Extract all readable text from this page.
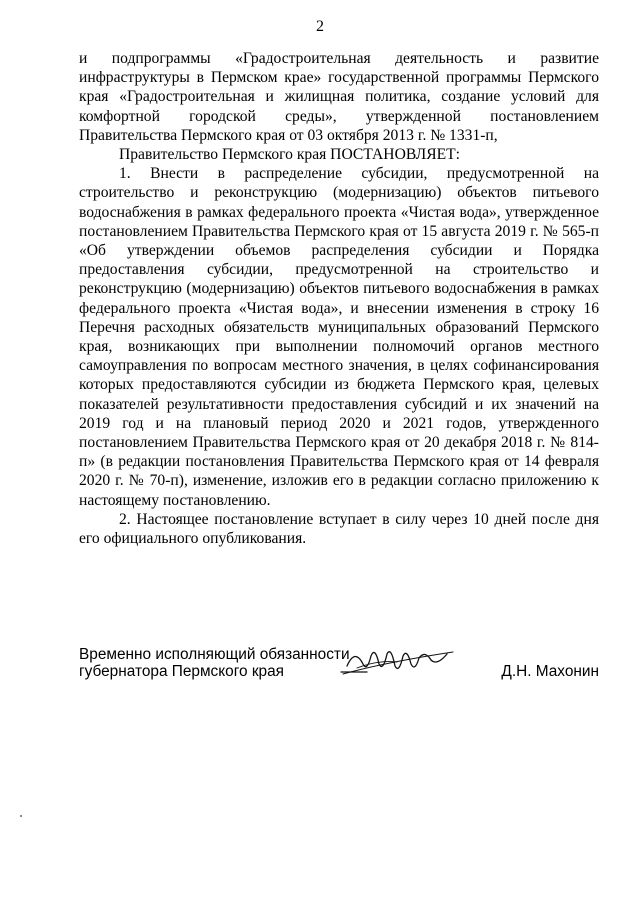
2

и подпрограммы «Градостроительная деятельность и развитие инфраструктуры в Пермском крае» государственной программы Пермского края «Градостроительная и жилищная политика, создание условий для комфортной городской среды», утвержденной постановлением Правительства Пермского края от 03 октября 2013 г. № 1331-п,

Правительство Пермского края ПОСТАНОВЛЯЕТ:

1. Внести в распределение субсидии, предусмотренной на строительство и реконструкцию (модернизацию) объектов питьевого водоснабжения в рамках федерального проекта «Чистая вода», утвержденное постановлением Правительства Пермского края от 15 августа 2019 г. № 565-п «Об утверждении объемов распределения субсидии и Порядка предоставления субсидии, предусмотренной на строительство и реконструкцию (модернизацию) объектов питьевого водоснабжения в рамках федерального проекта «Чистая вода», и внесении изменения в строку 16 Перечня расходных обязательств муниципальных образований Пермского края, возникающих при выполнении полномочий органов местного самоуправления по вопросам местного значения, в целях софинансирования которых предоставляются субсидии из бюджета Пермского края, целевых показателей результативности предоставления субсидий и их значений на 2019 год и на плановый период 2020 и 2021 годов, утвержденного постановлением Правительства Пермского края от 20 декабря 2018 г. № 814-п» (в редакции постановления Правительства Пермского края от 14 февраля 2020 г. № 70-п), изменение, изложив его в редакции согласно приложению к настоящему постановлению.

2. Настоящее постановление вступает в силу через 10 дней после дня его официального опубликования.

Временно исполняющий обязанности
губернатора Пермского края	Д.Н. Махонин
